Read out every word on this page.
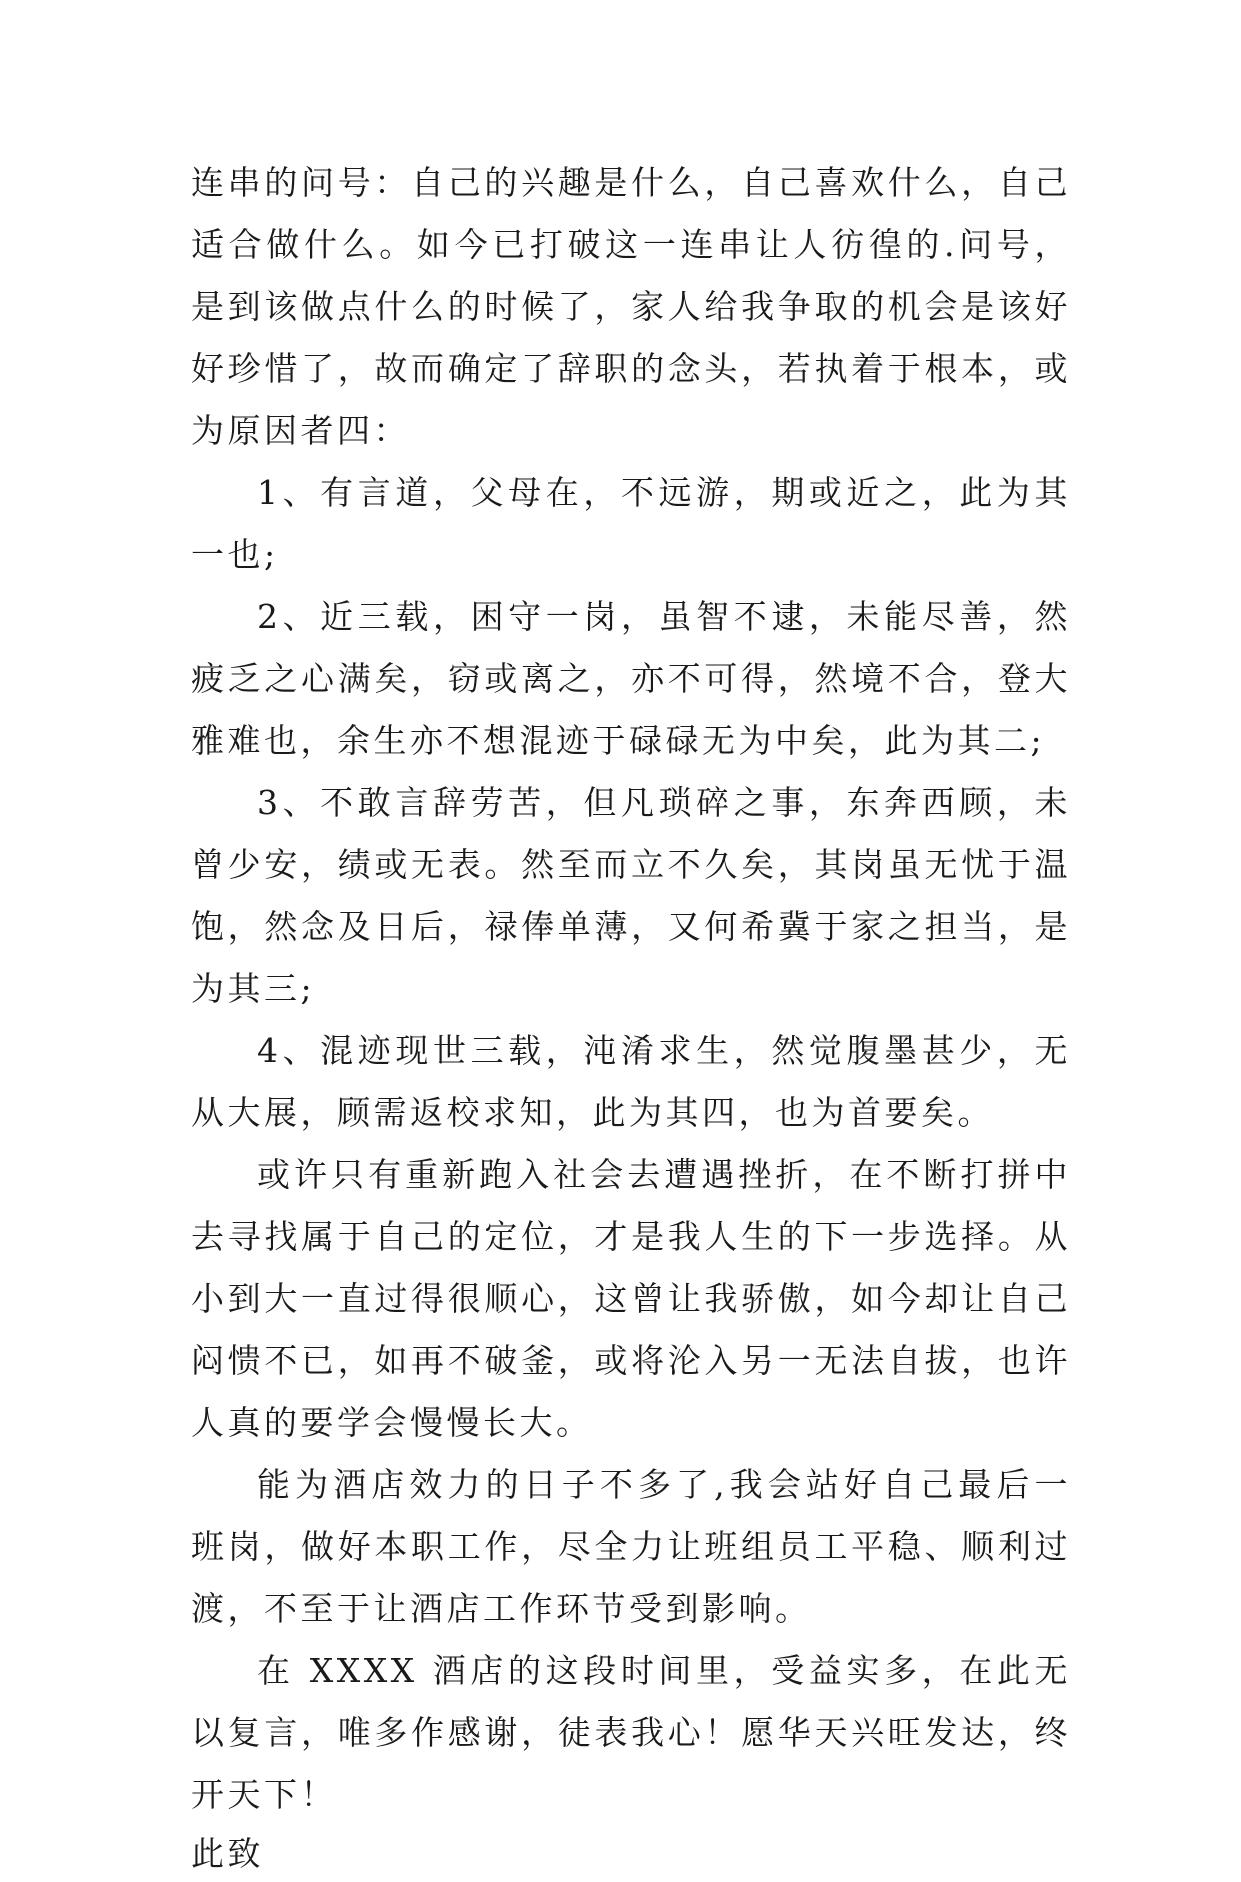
连串的问号：自己的兴趣是什么，自己喜欢什么，自己适合做什么。如今已打破这一连串让人彷徨的.问号，是到该做点什么的时候了，家人给我争取的机会是该好好珍惜了，故而确定了辞职的念头，若执着于根本，或为原因者四：

1、有言道，父母在，不远游，期或近之，此为其一也;

2、近三载，困守一岗，虽智不逮，未能尽善，然疲乏之心满矣，窃或离之，亦不可得，然境不合，登大雅难也，余生亦不想混迹于碌碌无为中矣，此为其二;

3、不敢言辞劳苦，但凡琐碎之事，东奔西顾，未曾少安，绩或无表。然至而立不久矣，其岗虽无忧于温饱，然念及日后，禄俸单薄，又何希冀于家之担当，是为其三;

4、混迹现世三载，沌淆求生，然觉腹墨甚少，无从大展，顾需返校求知，此为其四，也为首要矣。

或许只有重新跑入社会去遭遇挫折，在不断打拼中去寻找属于自己的定位，才是我人生的下一步选择。从小到大一直过得很顺心，这曾让我骄傲，如今却让自己闷愦不已，如再不破釜，或将沦入另一无法自拔，也许人真的要学会慢慢长大。

能为酒店效力的日子不多了,我会站好自己最后一班岗，做好本职工作，尽全力让班组员工平稳、顺利过渡，不至于让酒店工作环节受到影响。

在 XXXX 酒店的这段时间里，受益实多，在此无以复言，唯多作感谢，徒表我心！愿华天兴旺发达，终开天下！

此致
